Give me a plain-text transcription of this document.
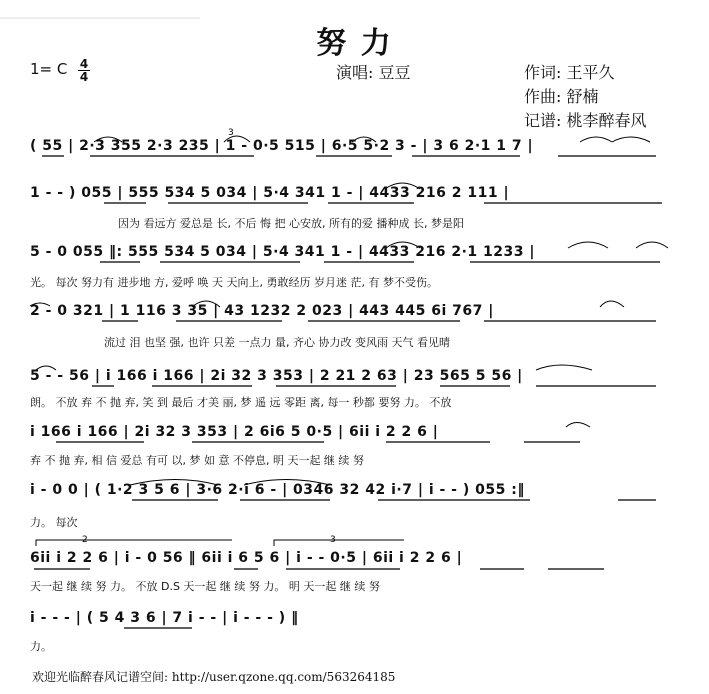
3
2	3
努 力
1= C 4
4	演唱: 豆豆	作词: 王平久
作曲: 舒楠
记谱: 桃李醉春风
( 55 | 2·3 355 2·3 235 | 1 - 0·5 515 | 6·5 5·2 3 - | 3 6 2·1 1 7 |
1 - - ) 055 | 555 534 5 034 | 5·4 341 1 - | 4433 216 2 111 |
因为 看远方 爱总是 长, 不后 悔 把 心安放, 所有的爱 播种成 长, 梦是阳
5 - 0 055 ‖: 555 534 5 034 | 5·4 341 1 - | 4433 216 2·1 1233 |
光。 每次 努力有 进步地 方, 爱呼 唤 天 天向上, 勇敢经历 岁月迷 茫, 有 梦不受伤。
2 - 0 321 | 1 116 3 35 | 43 1232 2 023 | 443 445 6i 767 |
流过 泪 也坚 强, 也许 只差 一点力 量, 齐心 协力改 变风雨 天气 看见晴
5 - - 56 | i 166 i 166 | 2i 32 3 353 | 2 21 2 63 | 23 565 5 56 |
朗。 不放 弃 不 抛 弃, 笑 到 最后 才美 丽, 梦 遥 远 零距 离, 每一 秒都 要努 力。 不放
i 166 i 166 | 2i 32 3 353 | 2 6i6 5 0·5 | 6ii i 2 2 6 |
弃 不 抛 弃, 相 信 爱总 有可 以, 梦 如 意 不停息, 明 天一起 继 续 努
i - 0 0 | ( 1·2 3 5 6 | 3·6 2·i 6 - | 0346 32 42 i·7 | i - - ) 055 :‖
力。 每次
6ii i 2 2 6 | i - 0 56 ‖ 6ii i 6 5 6 | i - - 0·5 | 6ii i 2 2 6 |
天一起 继 续 努 力。 不放 D.S 天一起 继 续 努 力。 明 天一起 继 续 努
i - - - | ( 5 4 3 6 | 7 i - - | i - - - ) ‖
力。
欢迎光临醉春风记谱空间: http://user.qzone.qq.com/563264185
